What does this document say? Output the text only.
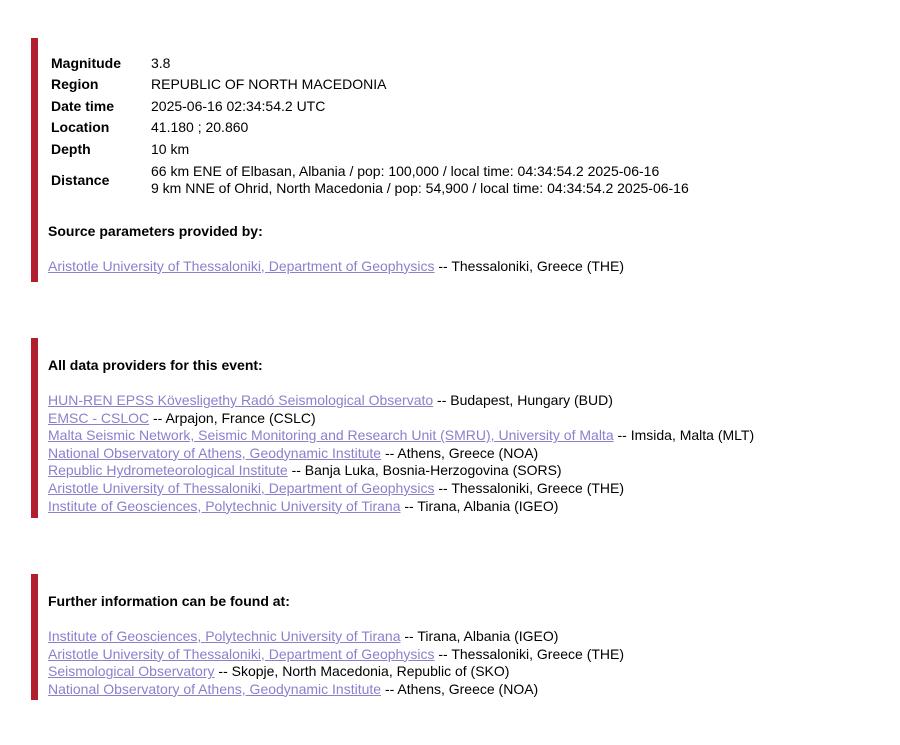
Magnitude	3.8
Region	REPUBLIC OF NORTH MACEDONIA
Date time	2025-06-16 02:34:54.2 UTC
Location	41.180 ; 20.860
Depth	10 km
Distance	66 km ENE of Elbasan, Albania / pop: 100,000 / local time: 04:34:54.2 2025-06-16
9 km NNE of Ohrid, North Macedonia / pop: 54,900 / local time: 04:34:54.2 2025-06-16
Source parameters provided by:
Aristotle University of Thessaloniki, Department of Geophysics -- Thessaloniki, Greece (THE)
All data providers for this event:
HUN-REN EPSS Kövesligethy Radó Seismological Observato -- Budapest, Hungary (BUD)
EMSC - CSLOC -- Arpajon, France (CSLC)
Malta Seismic Network, Seismic Monitoring and Research Unit (SMRU), University of Malta -- Imsida, Malta (MLT)
National Observatory of Athens, Geodynamic Institute -- Athens, Greece (NOA)
Republic Hydrometeorological Institute -- Banja Luka, Bosnia-Herzogovina (SORS)
Aristotle University of Thessaloniki, Department of Geophysics -- Thessaloniki, Greece (THE)
Institute of Geosciences, Polytechnic University of Tirana -- Tirana, Albania (IGEO)
Further information can be found at:
Institute of Geosciences, Polytechnic University of Tirana -- Tirana, Albania (IGEO)
Aristotle University of Thessaloniki, Department of Geophysics -- Thessaloniki, Greece (THE)
Seismological Observatory -- Skopje, North Macedonia, Republic of (SKO)
National Observatory of Athens, Geodynamic Institute -- Athens, Greece (NOA)
